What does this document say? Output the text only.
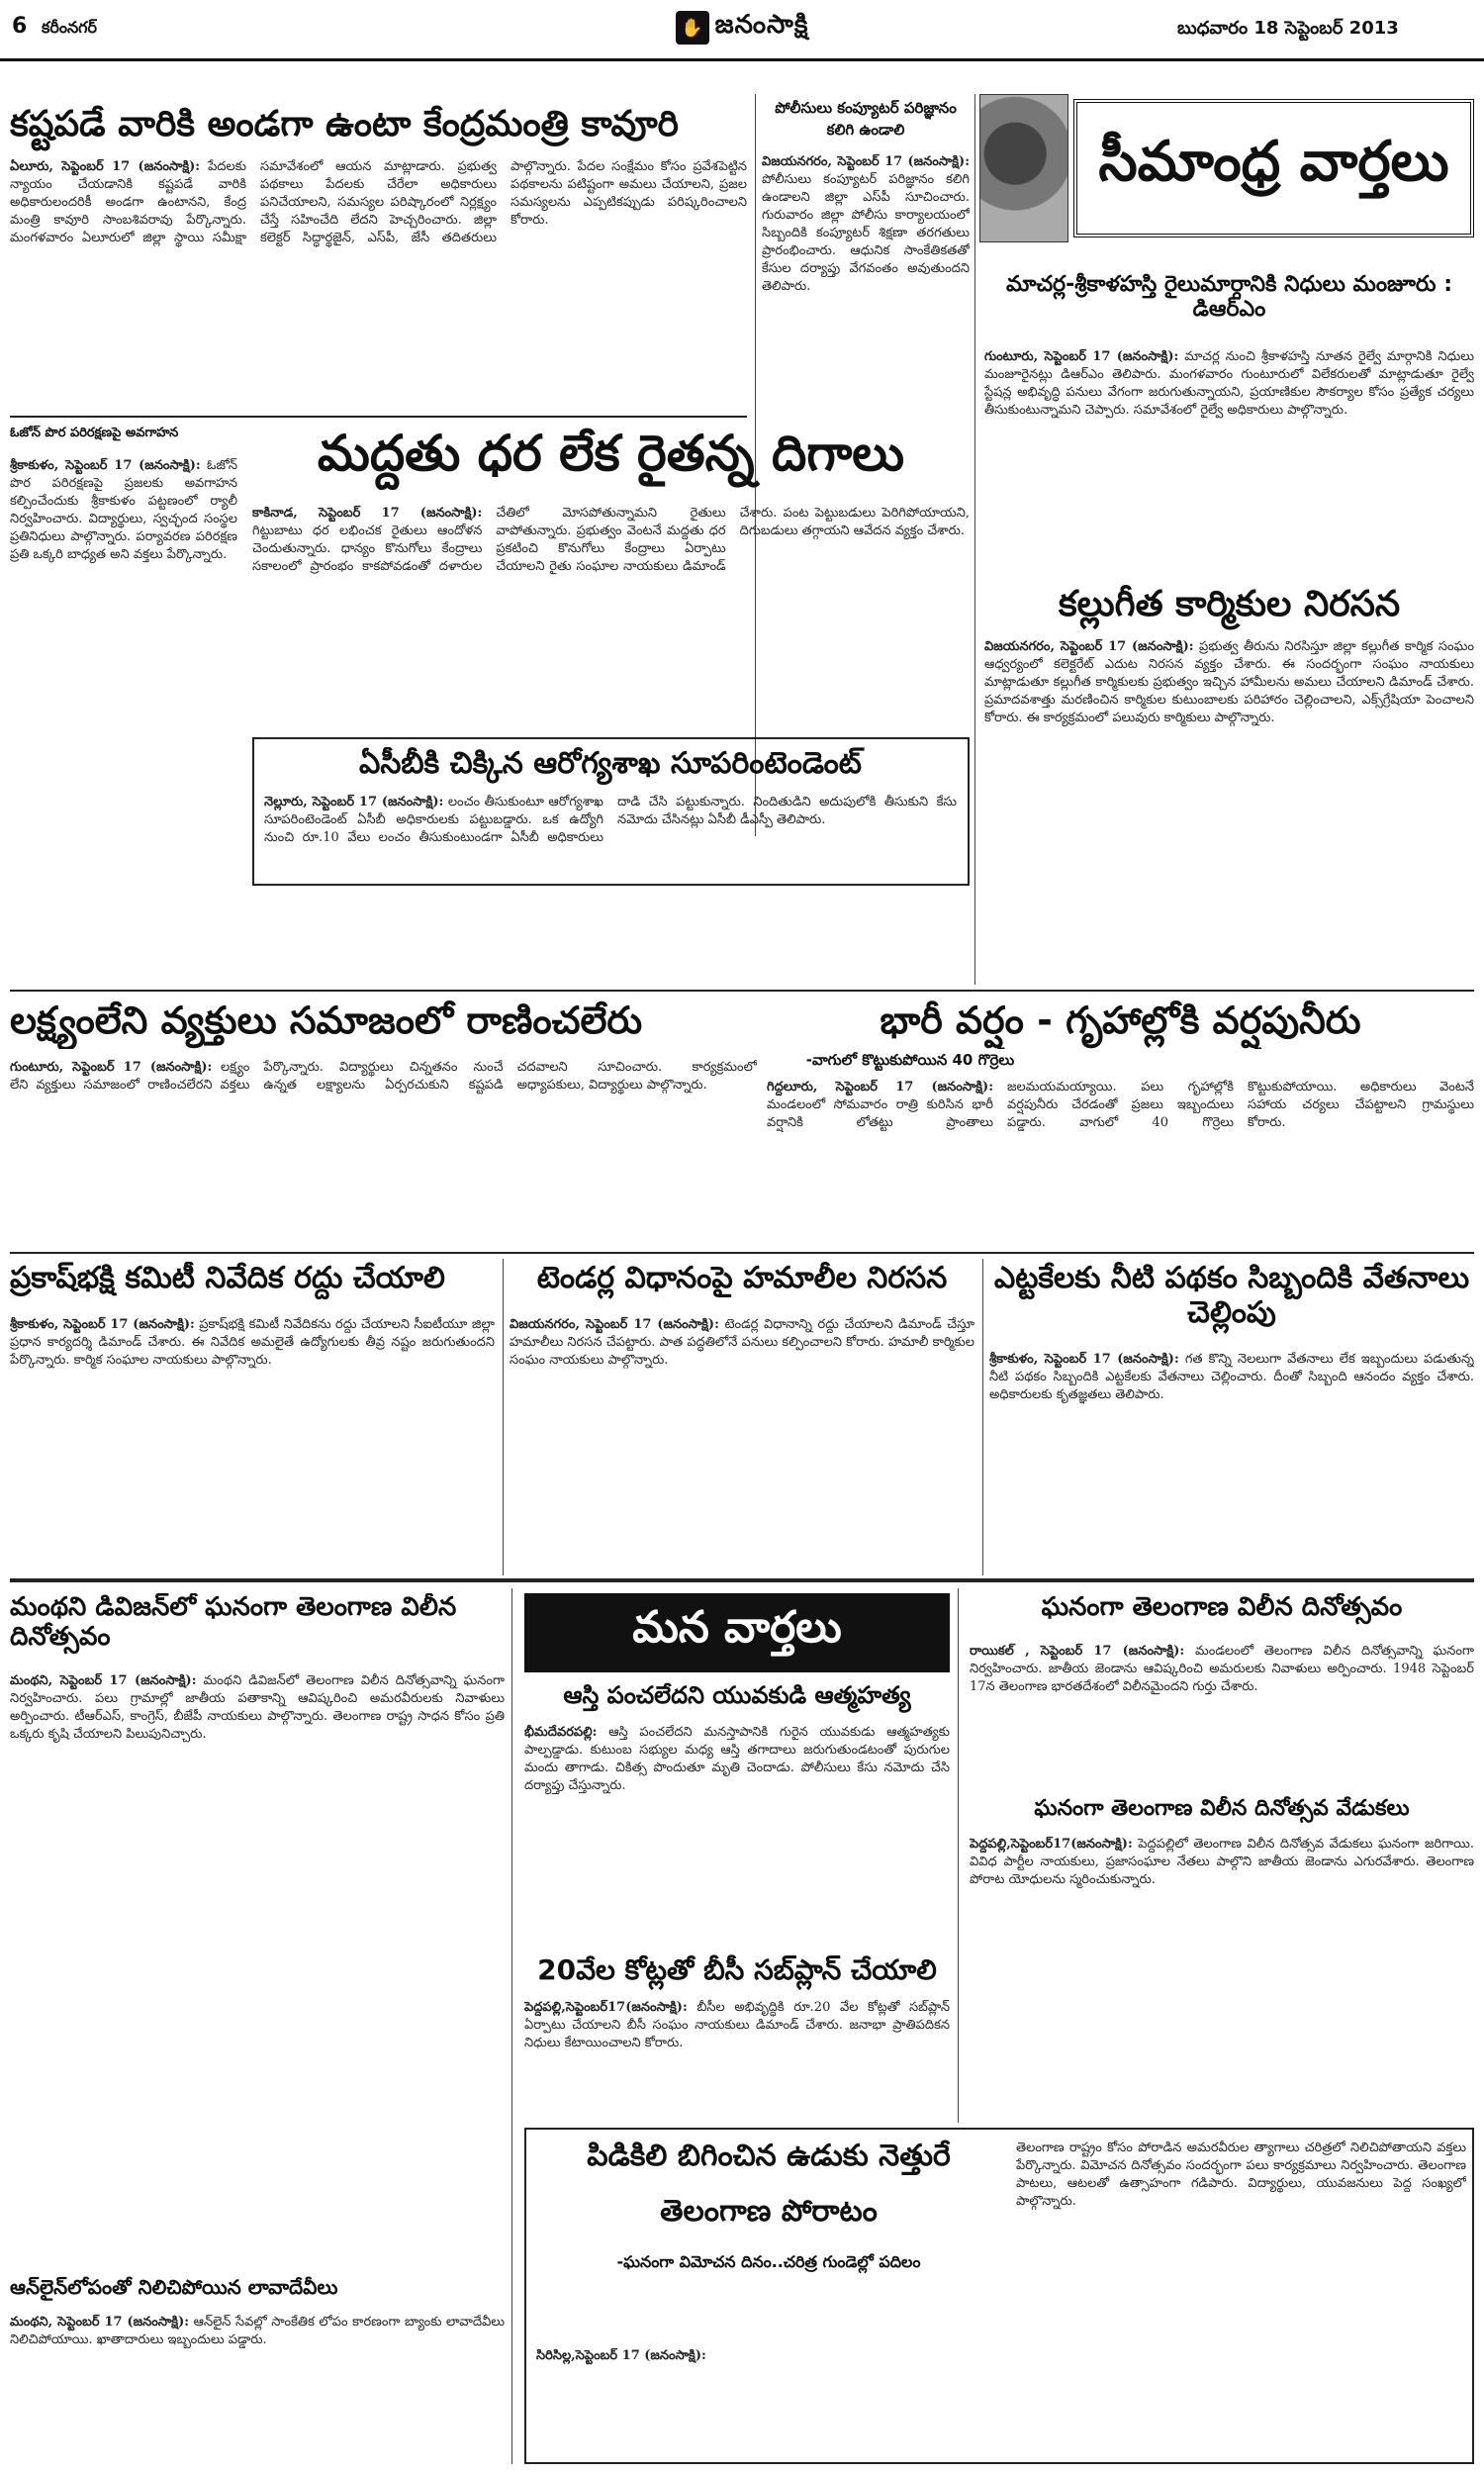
6 కరీంనగర్	✋ జనంసాక్షి	బుధవారం 18 సెప్టెంబర్ 2013
కష్టపడే వారికి అండగా ఉంటా కేంద్రమంత్రి కావూరి
ఏలూరు, సెప్టెంబర్ 17 (జనంసాక్షి): పేదలకు న్యాయం చేయడానికి కష్టపడే వారికి అధికారులందరికీ అండగా ఉంటానని, కేంద్ర మంత్రి కావూరి సాంబశివరావు పేర్కొన్నారు. మంగళవారం ఏలూరులో జిల్లా స్థాయి సమీక్షా సమావేశంలో ఆయన మాట్లాడారు. ప్రభుత్వ పథకాలు పేదలకు చేరేలా అధికారులు పనిచేయాలని, సమస్యల పరిష్కారంలో నిర్లక్ష్యం చేస్తే సహించేది లేదని హెచ్చరించారు. జిల్లా కలెక్టర్ సిద్ధార్థజైన్, ఎస్‌పీ, జేసీ తదితరులు పాల్గొన్నారు. పేదల సంక్షేమం కోసం ప్రవేశపెట్టిన పథకాలను పటిష్టంగా అమలు చేయాలని, ప్రజల సమస్యలను ఎప్పటికప్పుడు పరిష్కరించాలని కోరారు.
పోలీసులు కంప్యూటర్ పరిజ్ఞానం కలిగి ఉండాలి
విజయనగరం, సెప్టెంబర్ 17 (జనంసాక్షి): పోలీసులు కంప్యూటర్ పరిజ్ఞానం కలిగి ఉండాలని జిల్లా ఎస్‌పీ సూచించారు. గురువారం జిల్లా పోలీసు కార్యాలయంలో సిబ్బందికి కంప్యూటర్ శిక్షణా తరగతులు ప్రారంభించారు. ఆధునిక సాంకేతికతతో కేసుల దర్యాప్తు వేగవంతం అవుతుందని తెలిపారు.
సీమాంధ్ర వార్తలు
మాచర్ల-శ్రీకాళహస్తి రైలుమార్గానికి నిధులు మంజూరు : డిఆర్‌ఎం
గుంటూరు, సెప్టెంబర్ 17 (జనంసాక్షి): మాచర్ల నుంచి శ్రీకాళహస్తి నూతన రైల్వే మార్గానికి నిధులు మంజూరైనట్లు డిఆర్‌ఎం తెలిపారు. మంగళవారం గుంటూరులో విలేకరులతో మాట్లాడుతూ రైల్వే స్టేషన్ల అభివృద్ధి పనులు వేగంగా జరుగుతున్నాయని, ప్రయాణికుల సౌకర్యాల కోసం ప్రత్యేక చర్యలు తీసుకుంటున్నామని చెప్పారు. సమావేశంలో రైల్వే అధికారులు పాల్గొన్నారు.
ఓజోన్ పొర పరిరక్షణపై అవగాహన
శ్రీకాకుళం, సెప్టెంబర్ 17 (జనంసాక్షి): ఓజోన్ పొర పరిరక్షణపై ప్రజలకు అవగాహన కల్పించేందుకు శ్రీకాకుళం పట్టణంలో ర్యాలీ నిర్వహించారు. విద్యార్థులు, స్వచ్ఛంద సంస్థల ప్రతినిధులు పాల్గొన్నారు. పర్యావరణ పరిరక్షణ ప్రతి ఒక్కరి బాధ్యత అని వక్తలు పేర్కొన్నారు.
మద్దతు ధర లేక రైతన్న దిగాలు
కాకినాడ, సెప్టెంబర్ 17 (జనంసాక్షి): గిట్టుబాటు ధర లభించక రైతులు ఆందోళన చెందుతున్నారు. ధాన్యం కొనుగోలు కేంద్రాలు సకాలంలో ప్రారంభం కాకపోవడంతో దళారుల చేతిలో మోసపోతున్నామని రైతులు వాపోతున్నారు. ప్రభుత్వం వెంటనే మద్దతు ధర ప్రకటించి కొనుగోలు కేంద్రాలు ఏర్పాటు చేయాలని రైతు సంఘాల నాయకులు డిమాండ్ చేశారు. పంట పెట్టుబడులు పెరిగిపోయాయని, దిగుబడులు తగ్గాయని ఆవేదన వ్యక్తం చేశారు.
ఏసీబీకి చిక్కిన ఆరోగ్యశాఖ సూపరింటెండెంట్
నెల్లూరు, సెప్టెంబర్ 17 (జనంసాక్షి): లంచం తీసుకుంటూ ఆరోగ్యశాఖ సూపరింటెండెంట్ ఏసీబీ అధికారులకు పట్టుబడ్డారు. ఒక ఉద్యోగి నుంచి రూ.10 వేలు లంచం తీసుకుంటుండగా ఏసీబీ అధికారులు దాడి చేసి పట్టుకున్నారు. నిందితుడిని అదుపులోకి తీసుకుని కేసు నమోదు చేసినట్లు ఏసీబీ డీఎస్పీ తెలిపారు.
కల్లుగీత కార్మికుల నిరసన
విజయనగరం, సెప్టెంబర్ 17 (జనంసాక్షి): ప్రభుత్వ తీరును నిరసిస్తూ జిల్లా కల్లుగీత కార్మిక సంఘం ఆధ్వర్యంలో కలెక్టరేట్ ఎదుట నిరసన వ్యక్తం చేశారు. ఈ సందర్భంగా సంఘం నాయకులు మాట్లాడుతూ కల్లుగీత కార్మికులకు ప్రభుత్వం ఇచ్చిన హామీలను అమలు చేయాలని డిమాండ్ చేశారు. ప్రమాదవశాత్తు మరణించిన కార్మికుల కుటుంబాలకు పరిహారం చెల్లించాలని, ఎక్స్‌గ్రేషియా పెంచాలని కోరారు. ఈ కార్యక్రమంలో పలువురు కార్మికులు పాల్గొన్నారు.
లక్ష్యంలేని వ్యక్తులు సమాజంలో రాణించలేరు
గుంటూరు, సెప్టెంబర్ 17 (జనంసాక్షి): లక్ష్యం లేని వ్యక్తులు సమాజంలో రాణించలేరని వక్తలు పేర్కొన్నారు. విద్యార్థులు చిన్నతనం నుంచే ఉన్నత లక్ష్యాలను ఏర్పరచుకుని కష్టపడి చదవాలని సూచించారు. కార్యక్రమంలో అధ్యాపకులు, విద్యార్థులు పాల్గొన్నారు.
భారీ వర్షం - గృహాల్లోకి వర్షపునీరు
-వాగులో కొట్టుకుపోయిన 40 గొర్రెలు
గిద్దలూరు, సెప్టెంబర్ 17 (జనంసాక్షి): మండలంలో సోమవారం రాత్రి కురిసిన భారీ వర్షానికి లోతట్టు ప్రాంతాలు జలమయమయ్యాయి. పలు గృహాల్లోకి వర్షపునీరు చేరడంతో ప్రజలు ఇబ్బందులు పడ్డారు. వాగులో 40 గొర్రెలు కొట్టుకుపోయాయి. అధికారులు వెంటనే సహాయ చర్యలు చేపట్టాలని గ్రామస్థులు కోరారు.
ప్రకాష్‌భక్షి కమిటీ నివేదిక రద్దు చేయాలి
శ్రీకాకుళం, సెప్టెంబర్ 17 (జనంసాక్షి): ప్రకాష్‌భక్షి కమిటీ నివేదికను రద్దు చేయాలని సీఐటీయూ జిల్లా ప్రధాన కార్యదర్శి డిమాండ్ చేశారు. ఈ నివేదిక అమలైతే ఉద్యోగులకు తీవ్ర నష్టం జరుగుతుందని పేర్కొన్నారు. కార్మిక సంఘాల నాయకులు పాల్గొన్నారు.
టెండర్ల విధానంపై హమాలీల నిరసన
విజయనగరం, సెప్టెంబర్ 17 (జనంసాక్షి): టెండర్ల విధానాన్ని రద్దు చేయాలని డిమాండ్ చేస్తూ హమాలీలు నిరసన చేపట్టారు. పాత పద్ధతిలోనే పనులు కల్పించాలని కోరారు. హమాలీ కార్మికుల సంఘం నాయకులు పాల్గొన్నారు.
ఎట్టకేలకు నీటి పథకం సిబ్బందికి వేతనాలు చెల్లింపు
శ్రీకాకుళం, సెప్టెంబర్ 17 (జనంసాక్షి): గత కొన్ని నెలలుగా వేతనాలు లేక ఇబ్బందులు పడుతున్న నీటి పథకం సిబ్బందికి ఎట్టకేలకు వేతనాలు చెల్లించారు. దీంతో సిబ్బంది ఆనందం వ్యక్తం చేశారు. అధికారులకు కృతజ్ఞతలు తెలిపారు.
మంథని డివిజన్‌లో ఘనంగా తెలంగాణ విలీన దినోత్సవం
మంథని, సెప్టెంబర్ 17 (జనంసాక్షి): మంథని డివిజన్‌లో తెలంగాణ విలీన దినోత్సవాన్ని ఘనంగా నిర్వహించారు. పలు గ్రామాల్లో జాతీయ పతాకాన్ని ఆవిష్కరించి అమరవీరులకు నివాళులు అర్పించారు. టీఆర్‌ఎస్, కాంగ్రెస్, బీజేపీ నాయకులు పాల్గొన్నారు. తెలంగాణ రాష్ట్ర సాధన కోసం ప్రతి ఒక్కరు కృషి చేయాలని పిలుపునిచ్చారు.
ఆన్‌లైన్‌లోపంతో నిలిచిపోయిన లావాదేవీలు
మంథని, సెప్టెంబర్ 17 (జనంసాక్షి): ఆన్‌లైన్ సేవల్లో సాంకేతిక లోపం కారణంగా బ్యాంకు లావాదేవీలు నిలిచిపోయాయి. ఖాతాదారులు ఇబ్బందులు పడ్డారు.
మన వార్తలు
ఆస్తి పంచలేదని యువకుడి ఆత్మహత్య
భీమదేవరపల్లి: ఆస్తి పంచలేదని మనస్తాపానికి గురైన యువకుడు ఆత్మహత్యకు పాల్పడ్డాడు. కుటుంబ సభ్యుల మధ్య ఆస్తి తగాదాలు జరుగుతుండటంతో పురుగుల మందు తాగాడు. చికిత్స పొందుతూ మృతి చెందాడు. పోలీసులు కేసు నమోదు చేసి దర్యాప్తు చేస్తున్నారు.
20వేల కోట్లతో బీసీ సబ్‌ప్లాన్ చేయాలి
పెద్దపల్లి,సెప్టెంబర్17(జనంసాక్షి): బీసీల అభివృద్ధికి రూ.20 వేల కోట్లతో సబ్‌ప్లాన్ ఏర్పాటు చేయాలని బీసీ సంఘం నాయకులు డిమాండ్ చేశారు. జనాభా ప్రాతిపదికన నిధులు కేటాయించాలని కోరారు.
ఘనంగా తెలంగాణ విలీన దినోత్సవం
రాయికల్ , సెప్టెంబర్ 17 (జనంసాక్షి): మండలంలో తెలంగాణ విలీన దినోత్సవాన్ని ఘనంగా నిర్వహించారు. జాతీయ జెండాను ఆవిష్కరించి అమరులకు నివాళులు అర్పించారు. 1948 సెప్టెంబర్ 17న తెలంగాణ భారతదేశంలో విలీనమైందని గుర్తు చేశారు.
ఘనంగా తెలంగాణ విలీన దినోత్సవ వేడుకలు
పెద్దపల్లి,సెప్టెంబర్17(జనంసాక్షి): పెద్దపల్లిలో తెలంగాణ విలీన దినోత్సవ వేడుకలు ఘనంగా జరిగాయి. వివిధ పార్టీల నాయకులు, ప్రజాసంఘాల నేతలు పాల్గొని జాతీయ జెండాను ఎగురవేశారు. తెలంగాణ పోరాట యోధులను స్మరించుకున్నారు.
పిడికిలి బిగించిన ఉడుకు నెత్తురే
తెలంగాణ పోరాటం
-ఘనంగా విమోచన దినం..చరిత్ర గుండెల్లో పదిలం
సిరిసిల్ల,సెప్టెంబర్ 17 (జనంసాక్షి):
తెలంగాణ రాష్ట్రం కోసం పోరాడిన అమరవీరుల త్యాగాలు చరిత్రలో నిలిచిపోతాయని వక్తలు పేర్కొన్నారు. విమోచన దినోత్సవం సందర్భంగా పలు కార్యక్రమాలు నిర్వహించారు. తెలంగాణ పాటలు, ఆటలతో ఉత్సాహంగా గడిపారు. విద్యార్థులు, యువజనులు పెద్ద సంఖ్యలో పాల్గొన్నారు.
